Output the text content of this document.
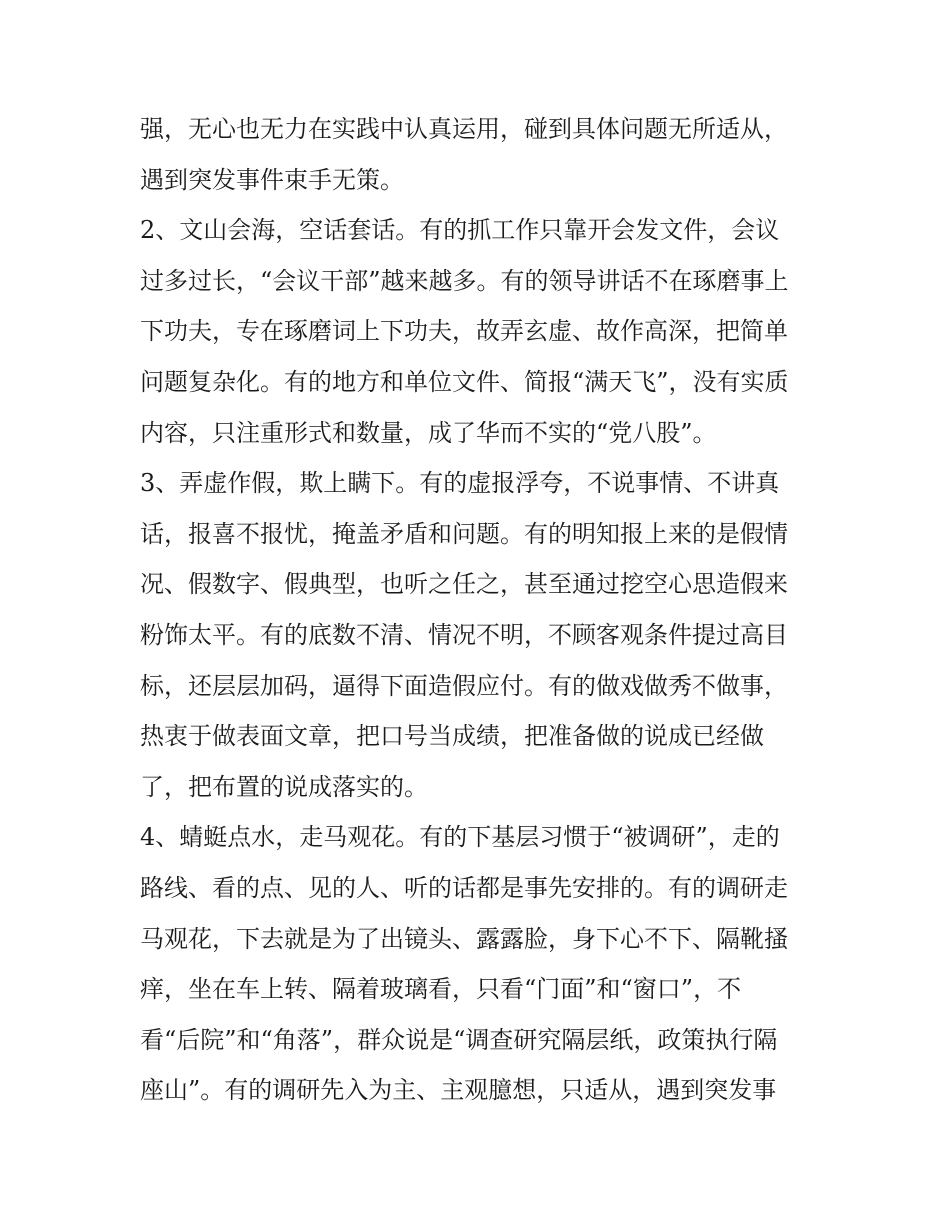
强，无心也无力在实践中认真运用，碰到具体问题无所适从，
遇到突发事件束手无策。
2、文山会海，空话套话。有的抓工作只靠开会发文件，会议
过多过长，“会议干部”越来越多。有的领导讲话不在琢磨事上
下功夫，专在琢磨词上下功夫，故弄玄虚、故作高深，把简单
问题复杂化。有的地方和单位文件、简报“满天飞”，没有实质
内容，只注重形式和数量，成了华而不实的“党八股”。
3、弄虚作假，欺上瞒下。有的虚报浮夸，不说事情、不讲真
话，报喜不报忧，掩盖矛盾和问题。有的明知报上来的是假情
况、假数字、假典型，也听之任之，甚至通过挖空心思造假来
粉饰太平。有的底数不清、情况不明，不顾客观条件提过高目
标，还层层加码，逼得下面造假应付。有的做戏做秀不做事，
热衷于做表面文章，把口号当成绩，把准备做的说成已经做
了，把布置的说成落实的。
4、蜻蜓点水，走马观花。有的下基层习惯于“被调研”，走的
路线、看的点、见的人、听的话都是事先安排的。有的调研走
马观花，下去就是为了出镜头、露露脸，身下心不下、隔靴搔
痒，坐在车上转、隔着玻璃看，只看“门面”和“窗口”，不
看“后院”和“角落”，群众说是“调查研究隔层纸，政策执行隔
座山”。有的调研先入为主、主观臆想，只适从，遇到突发事
